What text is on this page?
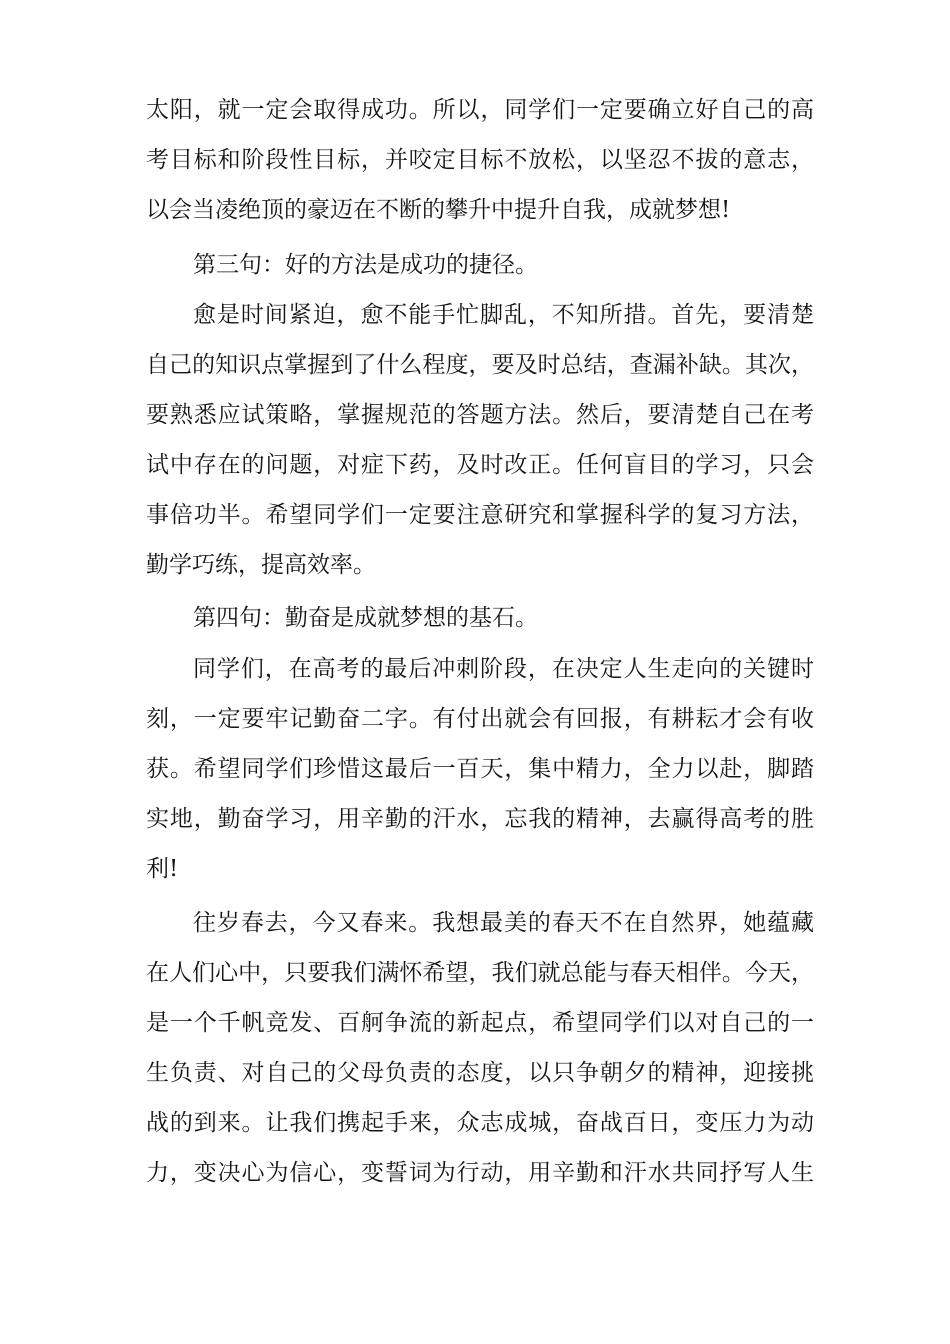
太阳，就一定会取得成功。所以，同学们一定要确立好自己的高
考目标和阶段性目标，并咬定目标不放松，以坚忍不拔的意志，
以会当凌绝顶的豪迈在不断的攀升中提升自我，成就梦想!
第三句：好的方法是成功的捷径。
愈是时间紧迫，愈不能手忙脚乱，不知所措。首先，要清楚
自己的知识点掌握到了什么程度，要及时总结，查漏补缺。其次，
要熟悉应试策略，掌握规范的答题方法。然后，要清楚自己在考
试中存在的问题，对症下药，及时改正。任何盲目的学习，只会
事倍功半。希望同学们一定要注意研究和掌握科学的复习方法，
勤学巧练，提高效率。
第四句：勤奋是成就梦想的基石。
同学们，在高考的最后冲刺阶段，在决定人生走向的关键时
刻，一定要牢记勤奋二字。有付出就会有回报，有耕耘才会有收
获。希望同学们珍惜这最后一百天，集中精力，全力以赴，脚踏
实地，勤奋学习，用辛勤的汗水，忘我的精神，去赢得高考的胜
利!
往岁春去，今又春来。我想最美的春天不在自然界，她蕴藏
在人们心中，只要我们满怀希望，我们就总能与春天相伴。今天，
是一个千帆竞发、百舸争流的新起点，希望同学们以对自己的一
生负责、对自己的父母负责的态度，以只争朝夕的精神，迎接挑
战的到来。让我们携起手来，众志成城，奋战百日，变压力为动
力，变决心为信心，变誓词为行动，用辛勤和汗水共同抒写人生
